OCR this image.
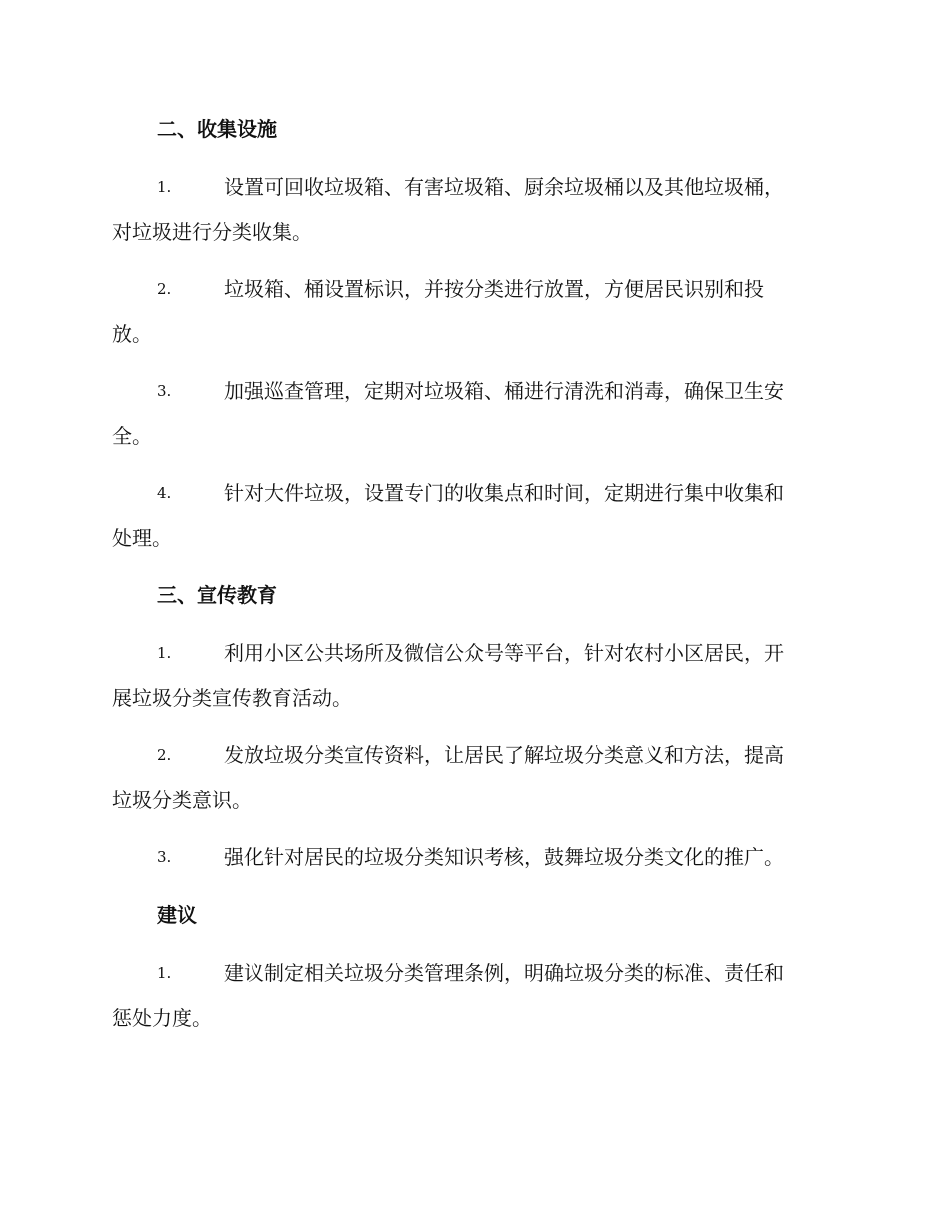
二、收集设施
1.	设置可回收垃圾箱、有害垃圾箱、厨余垃圾桶以及其他垃圾桶，
对垃圾进行分类收集。
2.	垃圾箱、桶设置标识，并按分类进行放置，方便居民识别和投
放。
3.	加强巡查管理，定期对垃圾箱、桶进行清洗和消毒，确保卫生安
全。
4.	针对大件垃圾，设置专门的收集点和时间，定期进行集中收集和
处理。
三、宣传教育
1.	利用小区公共场所及微信公众号等平台，针对农村小区居民，开
展垃圾分类宣传教育活动。
2.	发放垃圾分类宣传资料，让居民了解垃圾分类意义和方法，提高
垃圾分类意识。
3.	强化针对居民的垃圾分类知识考核，鼓舞垃圾分类文化的推广。
建议
1.	建议制定相关垃圾分类管理条例，明确垃圾分类的标准、责任和
惩处力度。
